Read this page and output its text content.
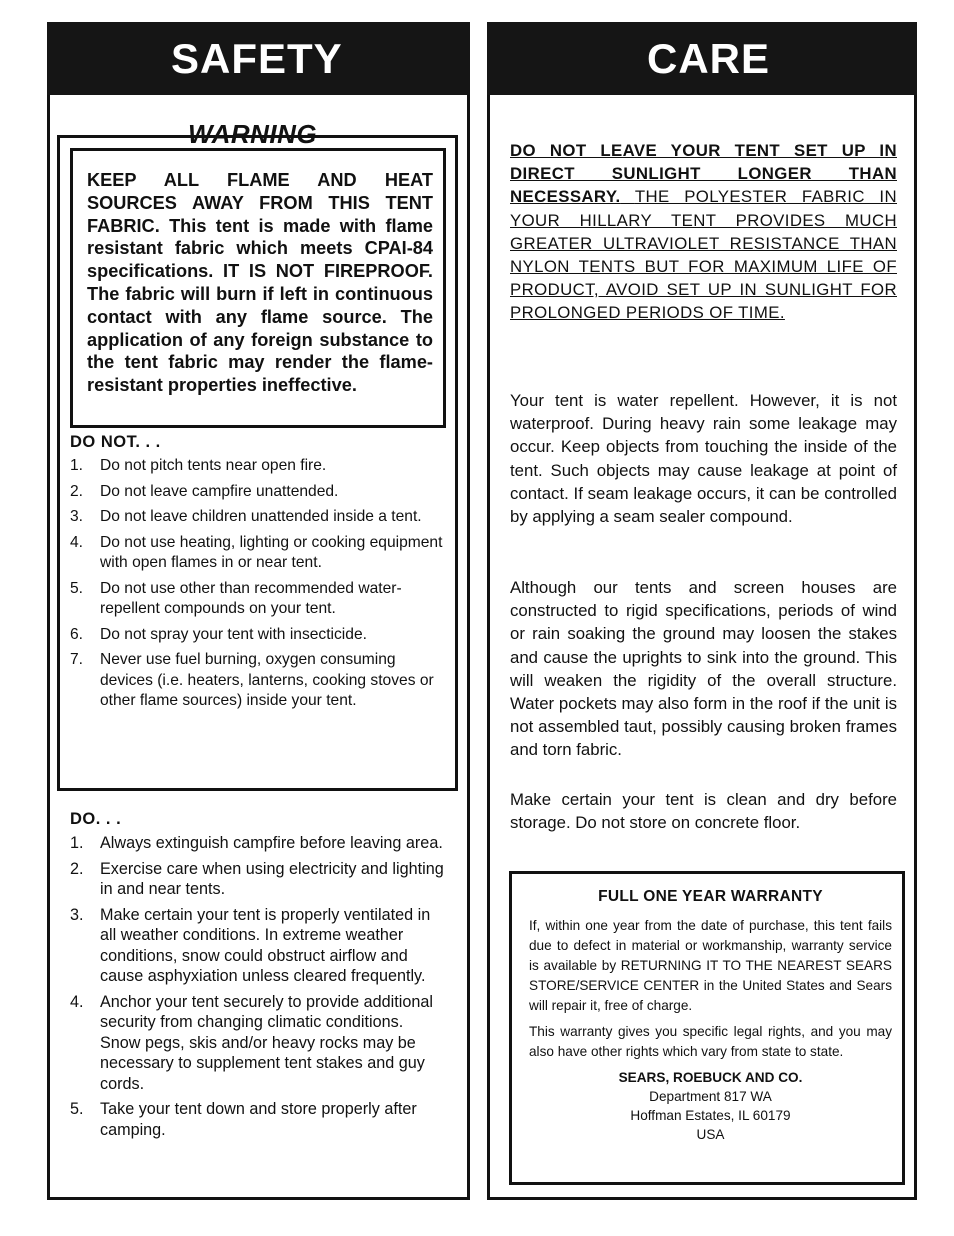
SAFETY
WARNING

KEEP ALL FLAME AND HEAT SOURCES AWAY FROM THIS TENT FABRIC. This tent is made with flame resistant fabric which meets CPAI-84 specifications. IT IS NOT FIREPROOF. The fabric will burn if left in continuous contact with any flame source. The application of any foreign substance to the tent fabric may render the flame-resistant properties ineffective.

DO NOT. . .
1.	Do not pitch tents near open fire.
2.	Do not leave campfire unattended.
3.	Do not leave children unattended inside a tent.
4.	Do not use heating, lighting or cooking equipment with open flames in or near tent.
5.	Do not use other than recommended water-repellent compounds on your tent.
6.	Do not spray your tent with insecticide.
7.	Never use fuel burning, oxygen consuming devices (i.e. heaters, lanterns, cooking stoves or other flame sources) inside your tent.
DO. . .
1.	Always extinguish campfire before leaving area.
2.	Exercise care when using electricity and lighting in and near tents.
3.	Make certain your tent is properly ventilated in all weather conditions. In extreme weather conditions, snow could obstruct airflow and cause asphyxiation unless cleared frequently.
4.	Anchor your tent securely to provide additional security from changing climatic conditions. Snow pegs, skis and/or heavy rocks may be necessary to supplement tent stakes and guy cords.
5.	Take your tent down and store properly after camping.
CARE

DO NOT LEAVE YOUR TENT SET UP IN DIRECT SUNLIGHT LONGER THAN NECESSARY. THE POLYESTER FABRIC IN YOUR HILLARY TENT PROVIDES MUCH GREATER ULTRAVIOLET RESISTANCE THAN NYLON TENTS BUT FOR MAXIMUM LIFE OF PRODUCT, AVOID SET UP IN SUNLIGHT FOR PROLONGED PERIODS OF TIME.

Your tent is water repellent. However, it is not waterproof. During heavy rain some leakage may occur. Keep objects from touching the inside of the tent. Such objects may cause leakage at point of contact. If seam leakage occurs, it can be controlled by applying a seam sealer compound.

Although our tents and screen houses are constructed to rigid specifications, periods of wind or rain soaking the ground may loosen the stakes and cause the uprights to sink into the ground. This will weaken the rigidity of the overall structure. Water pockets may also form in the roof if the unit is not assembled taut, possibly causing broken frames and torn fabric.

Make certain your tent is clean and dry before storage. Do not store on concrete floor.

FULL ONE YEAR WARRANTY

If, within one year from the date of purchase, this tent fails due to defect in material or workmanship, warranty service is available by RETURNING IT TO THE NEAREST SEARS STORE/SERVICE CENTER in the United States and Sears will repair it, free of charge.

This warranty gives you specific legal rights, and you may also have other rights which vary from state to state.

SEARS, ROEBUCK AND CO.
Department 817 WA
Hoffman Estates, IL 60179
USA
